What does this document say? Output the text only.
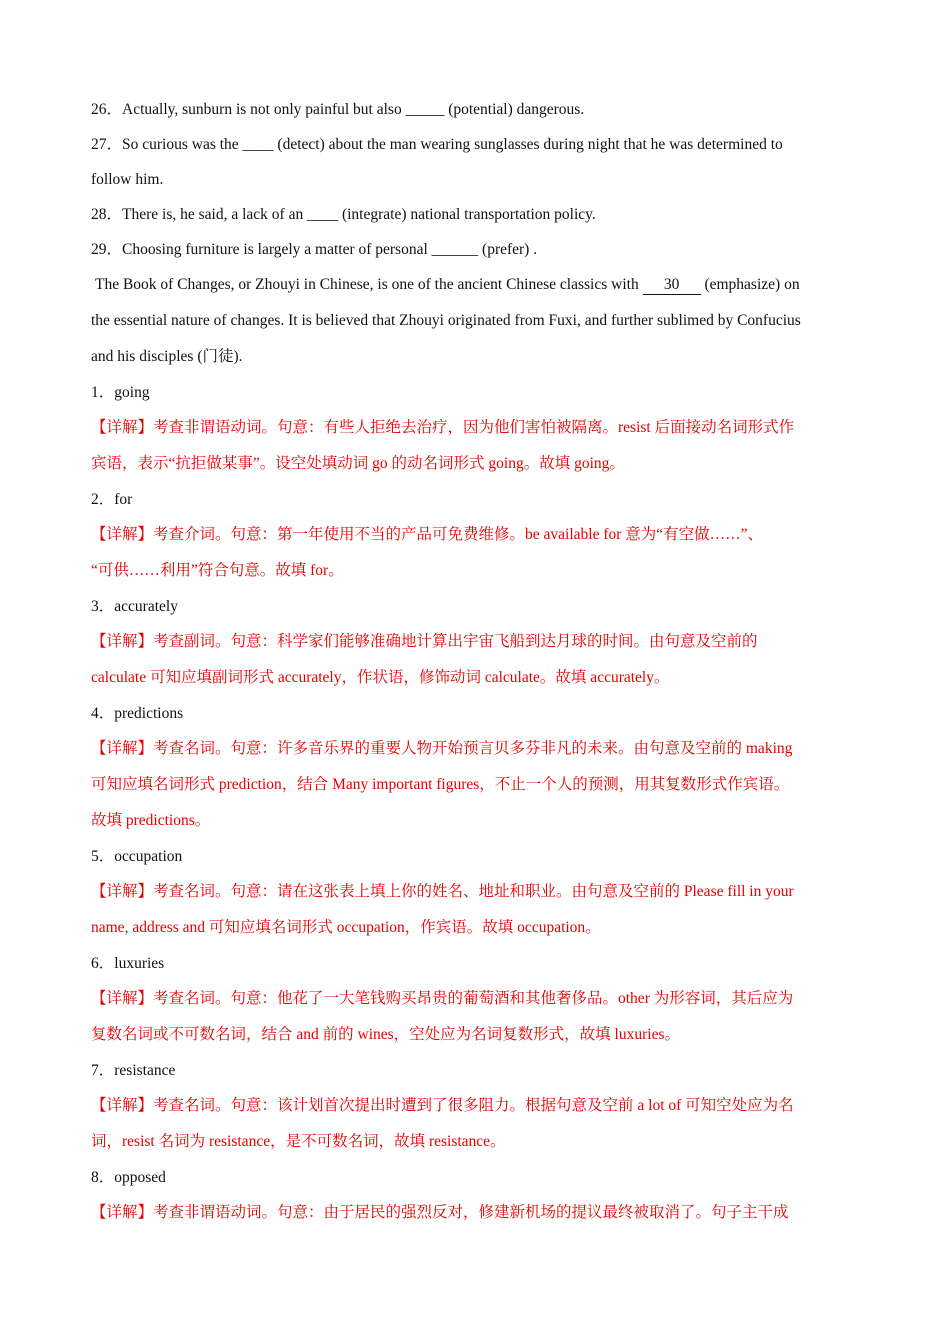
26．Actually, sunburn is not only painful but also _____ (potential) dangerous.
27．So curious was the ____ (detect) about the man wearing sunglasses during night that he was determined to
follow him.
28．There is, he said, a lack of an ____ (integrate) national transportation policy.
29．Choosing furniture is largely a matter of personal ______ (prefer) .
The Book of Changes, or Zhouyi in Chinese, is one of the ancient Chinese classics with 30 (emphasize) on
the essential nature of changes. It is believed that Zhouyi originated from Fuxi, and further sublimed by Confucius
and his disciples (门徒).
1．going
【详解】考查非谓语动词。句意：有些人拒绝去治疗，因为他们害怕被隔离。resist 后面接动名词形式作
宾语，表示“抗拒做某事”。设空处填动词 go 的动名词形式 going。故填 going。
2．for
【详解】考查介词。句意：第一年使用不当的产品可免费维修。be available for 意为“有空做……”、
“可供……利用”符合句意。故填 for。
3．accurately
【详解】考查副词。句意：科学家们能够准确地计算出宇宙飞船到达月球的时间。由句意及空前的
calculate 可知应填副词形式 accurately，作状语，修饰动词 calculate。故填 accurately。
4．predictions
【详解】考查名词。句意：许多音乐界的重要人物开始预言贝多芬非凡的未来。由句意及空前的 making
可知应填名词形式 prediction，结合 Many important figures，不止一个人的预测，用其复数形式作宾语。
故填 predictions。
5．occupation
【详解】考查名词。句意：请在这张表上填上你的姓名、地址和职业。由句意及空前的 Please fill in your
name, address and 可知应填名词形式 occupation，作宾语。故填 occupation。
6．luxuries
【详解】考查名词。句意：他花了一大笔钱购买昂贵的葡萄酒和其他奢侈品。other 为形容词，其后应为
复数名词或不可数名词，结合 and 前的 wines，空处应为名词复数形式，故填 luxuries。
7．resistance
【详解】考查名词。句意：该计划首次提出时遭到了很多阻力。根据句意及空前 a lot of 可知空处应为名
词，resist 名词为 resistance，是不可数名词，故填 resistance。
8．opposed
【详解】考查非谓语动词。句意：由于居民的强烈反对，修建新机场的提议最终被取消了。句子主干成
